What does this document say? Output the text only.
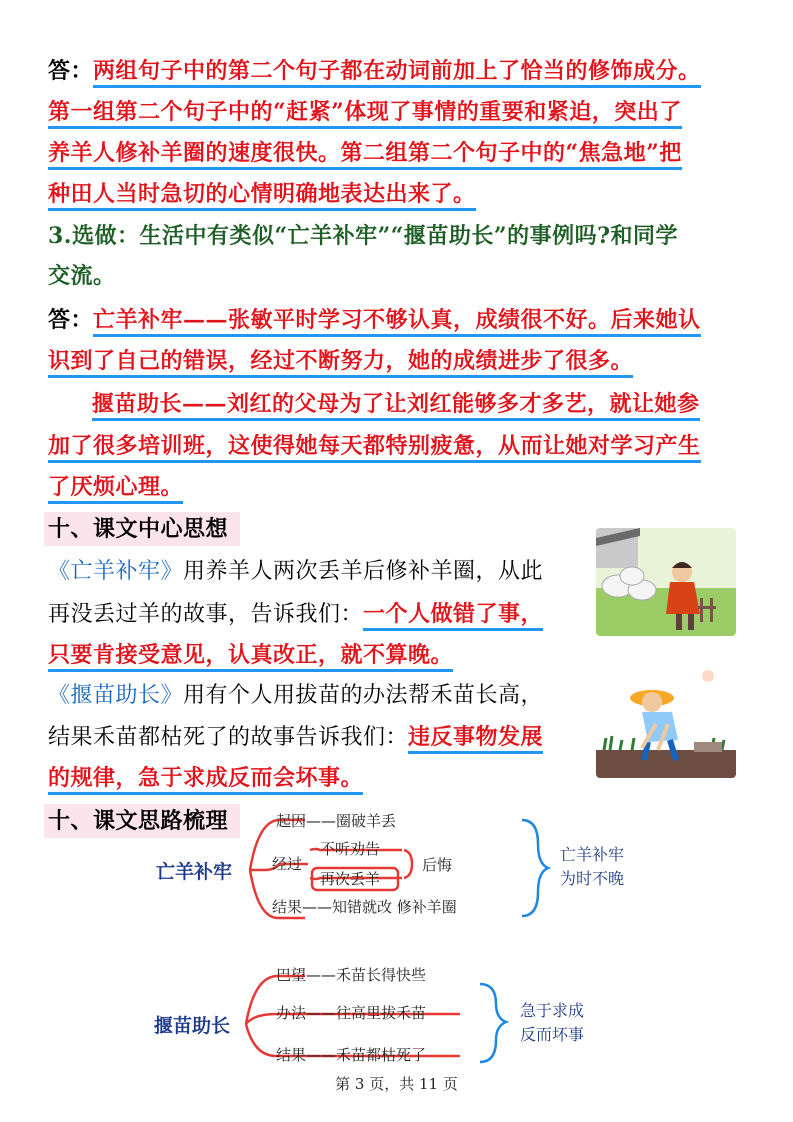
答：两组句子中的第二个句子都在动词前加上了恰当的修饰成分。
第一组第二个句子中的“赶紧”体现了事情的重要和紧迫，突出了
养羊人修补羊圈的速度很快。第二组第二个句子中的“焦急地”把
种田人当时急切的心情明确地表达出来了。
3.选做：生活中有类似“亡羊补牢”“揠苗助长”的事例吗?和同学
交流。
答：亡羊补牢——张敏平时学习不够认真，成绩很不好。后来她认
识到了自己的错误，经过不断努力，她的成绩进步了很多。
揠苗助长——刘红的父母为了让刘红能够多才多艺，就让她参
加了很多培训班，这使得她每天都特别疲惫，从而让她对学习产生
了厌烦心理。
十、课文中心思想
《亡羊补牢》用养羊人两次丢羊后修补羊圈，从此
再没丢过羊的故事，告诉我们：一个人做错了事，
只要肯接受意见，认真改正，就不算晚。
《揠苗助长》用有个人用拔苗的办法帮禾苗长高，
结果禾苗都枯死了的故事告诉我们：违反事物发展
的规律，急于求成反而会坏事。
十、课文思路梳理
亡羊补牢
起因——圈破羊丢
经过
不听劝告
再次丢羊
后悔
结果——知错就改 修补羊圈
亡羊补牢
为时不晚
揠苗助长
巴望——禾苗长得快些
办法——往高里拔禾苗
结果——禾苗都枯死了
急于求成
反而坏事
第 3 页，共 11 页
